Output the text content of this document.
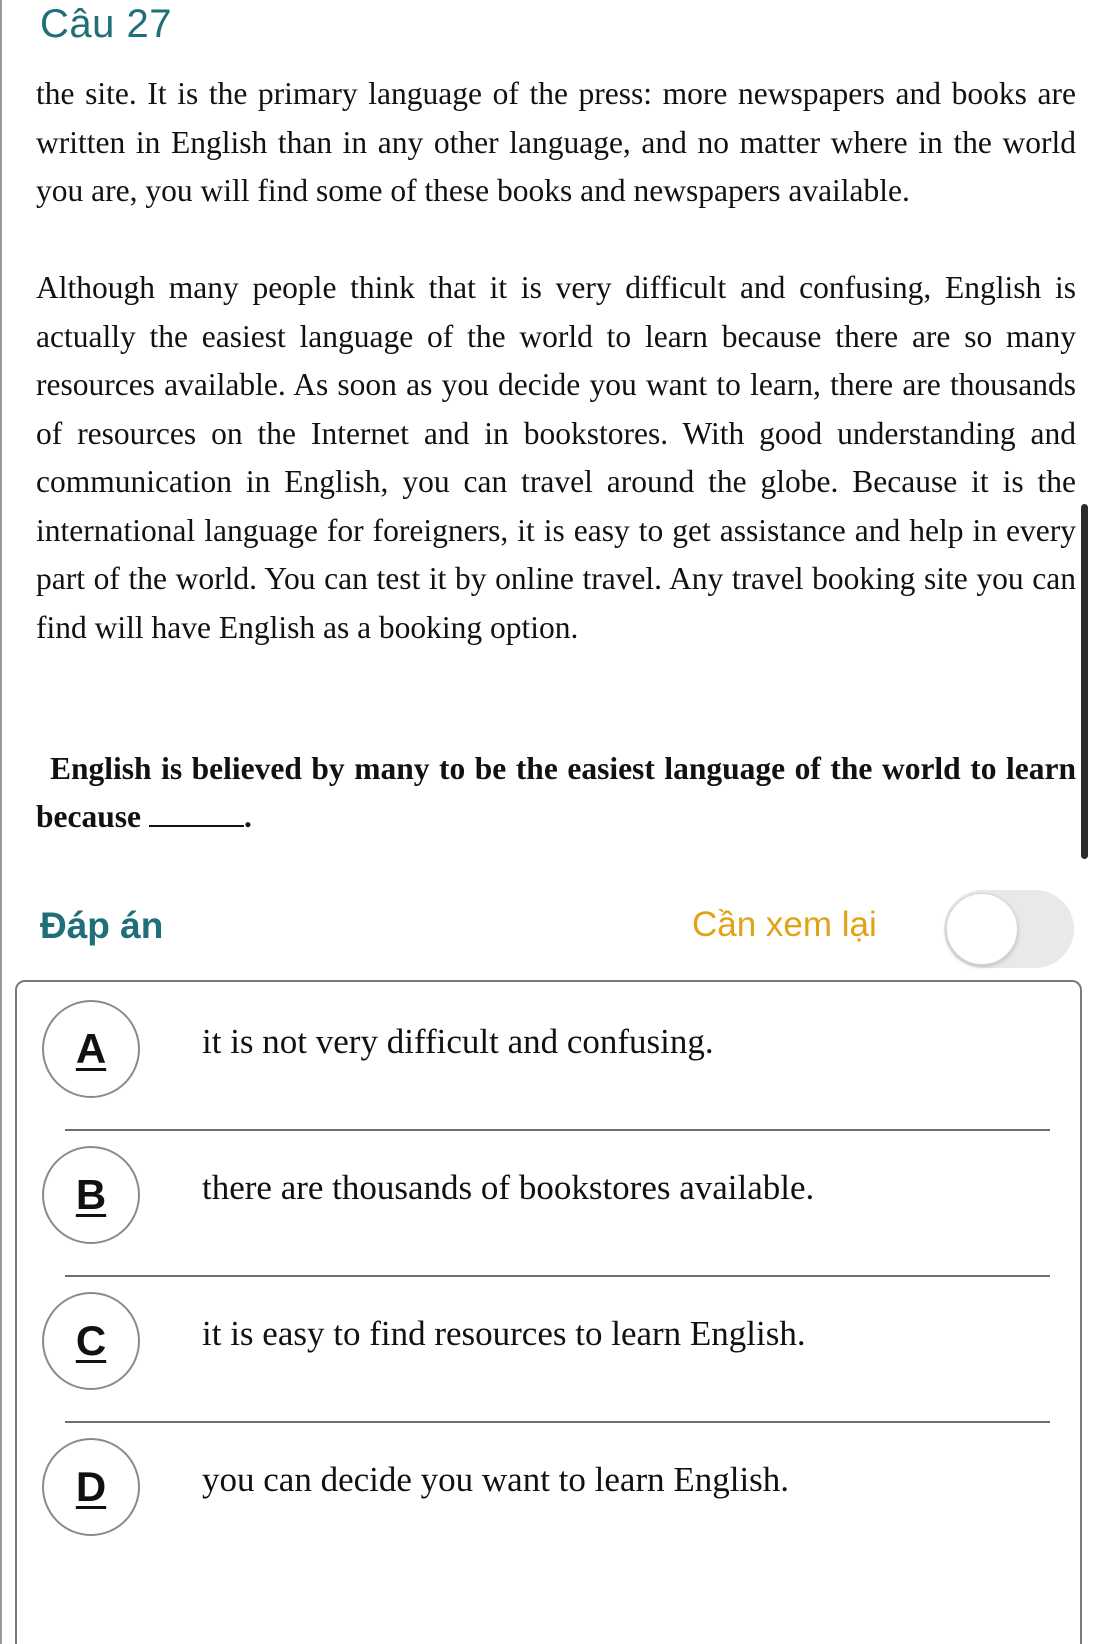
Câu 27

the site. It is the primary language of the press: more newspapers and books are written in English than in any other language, and no matter where in the world you are, you will find some of these books and newspapers available.

Although many people think that it is very difficult and confusing, English is actually the easiest language of the world to learn because there are so many resources available. As soon as you decide you want to learn, there are thousands of resources on the Internet and in bookstores. With good understanding and communication in English, you can travel around the globe. Because it is the international language for foreigners, it is easy to get assistance and help in every part of the world. You can test it by online travel. Any travel booking site you can find will have English as a booking option.

English is believed by many to be the easiest language of the world to learn because	.
Đáp án	Cần xem lại
A	it is not very difficult and confusing.
B	there are thousands of bookstores available.
C	it is easy to find resources to learn English.
D	you can decide you want to learn English.
